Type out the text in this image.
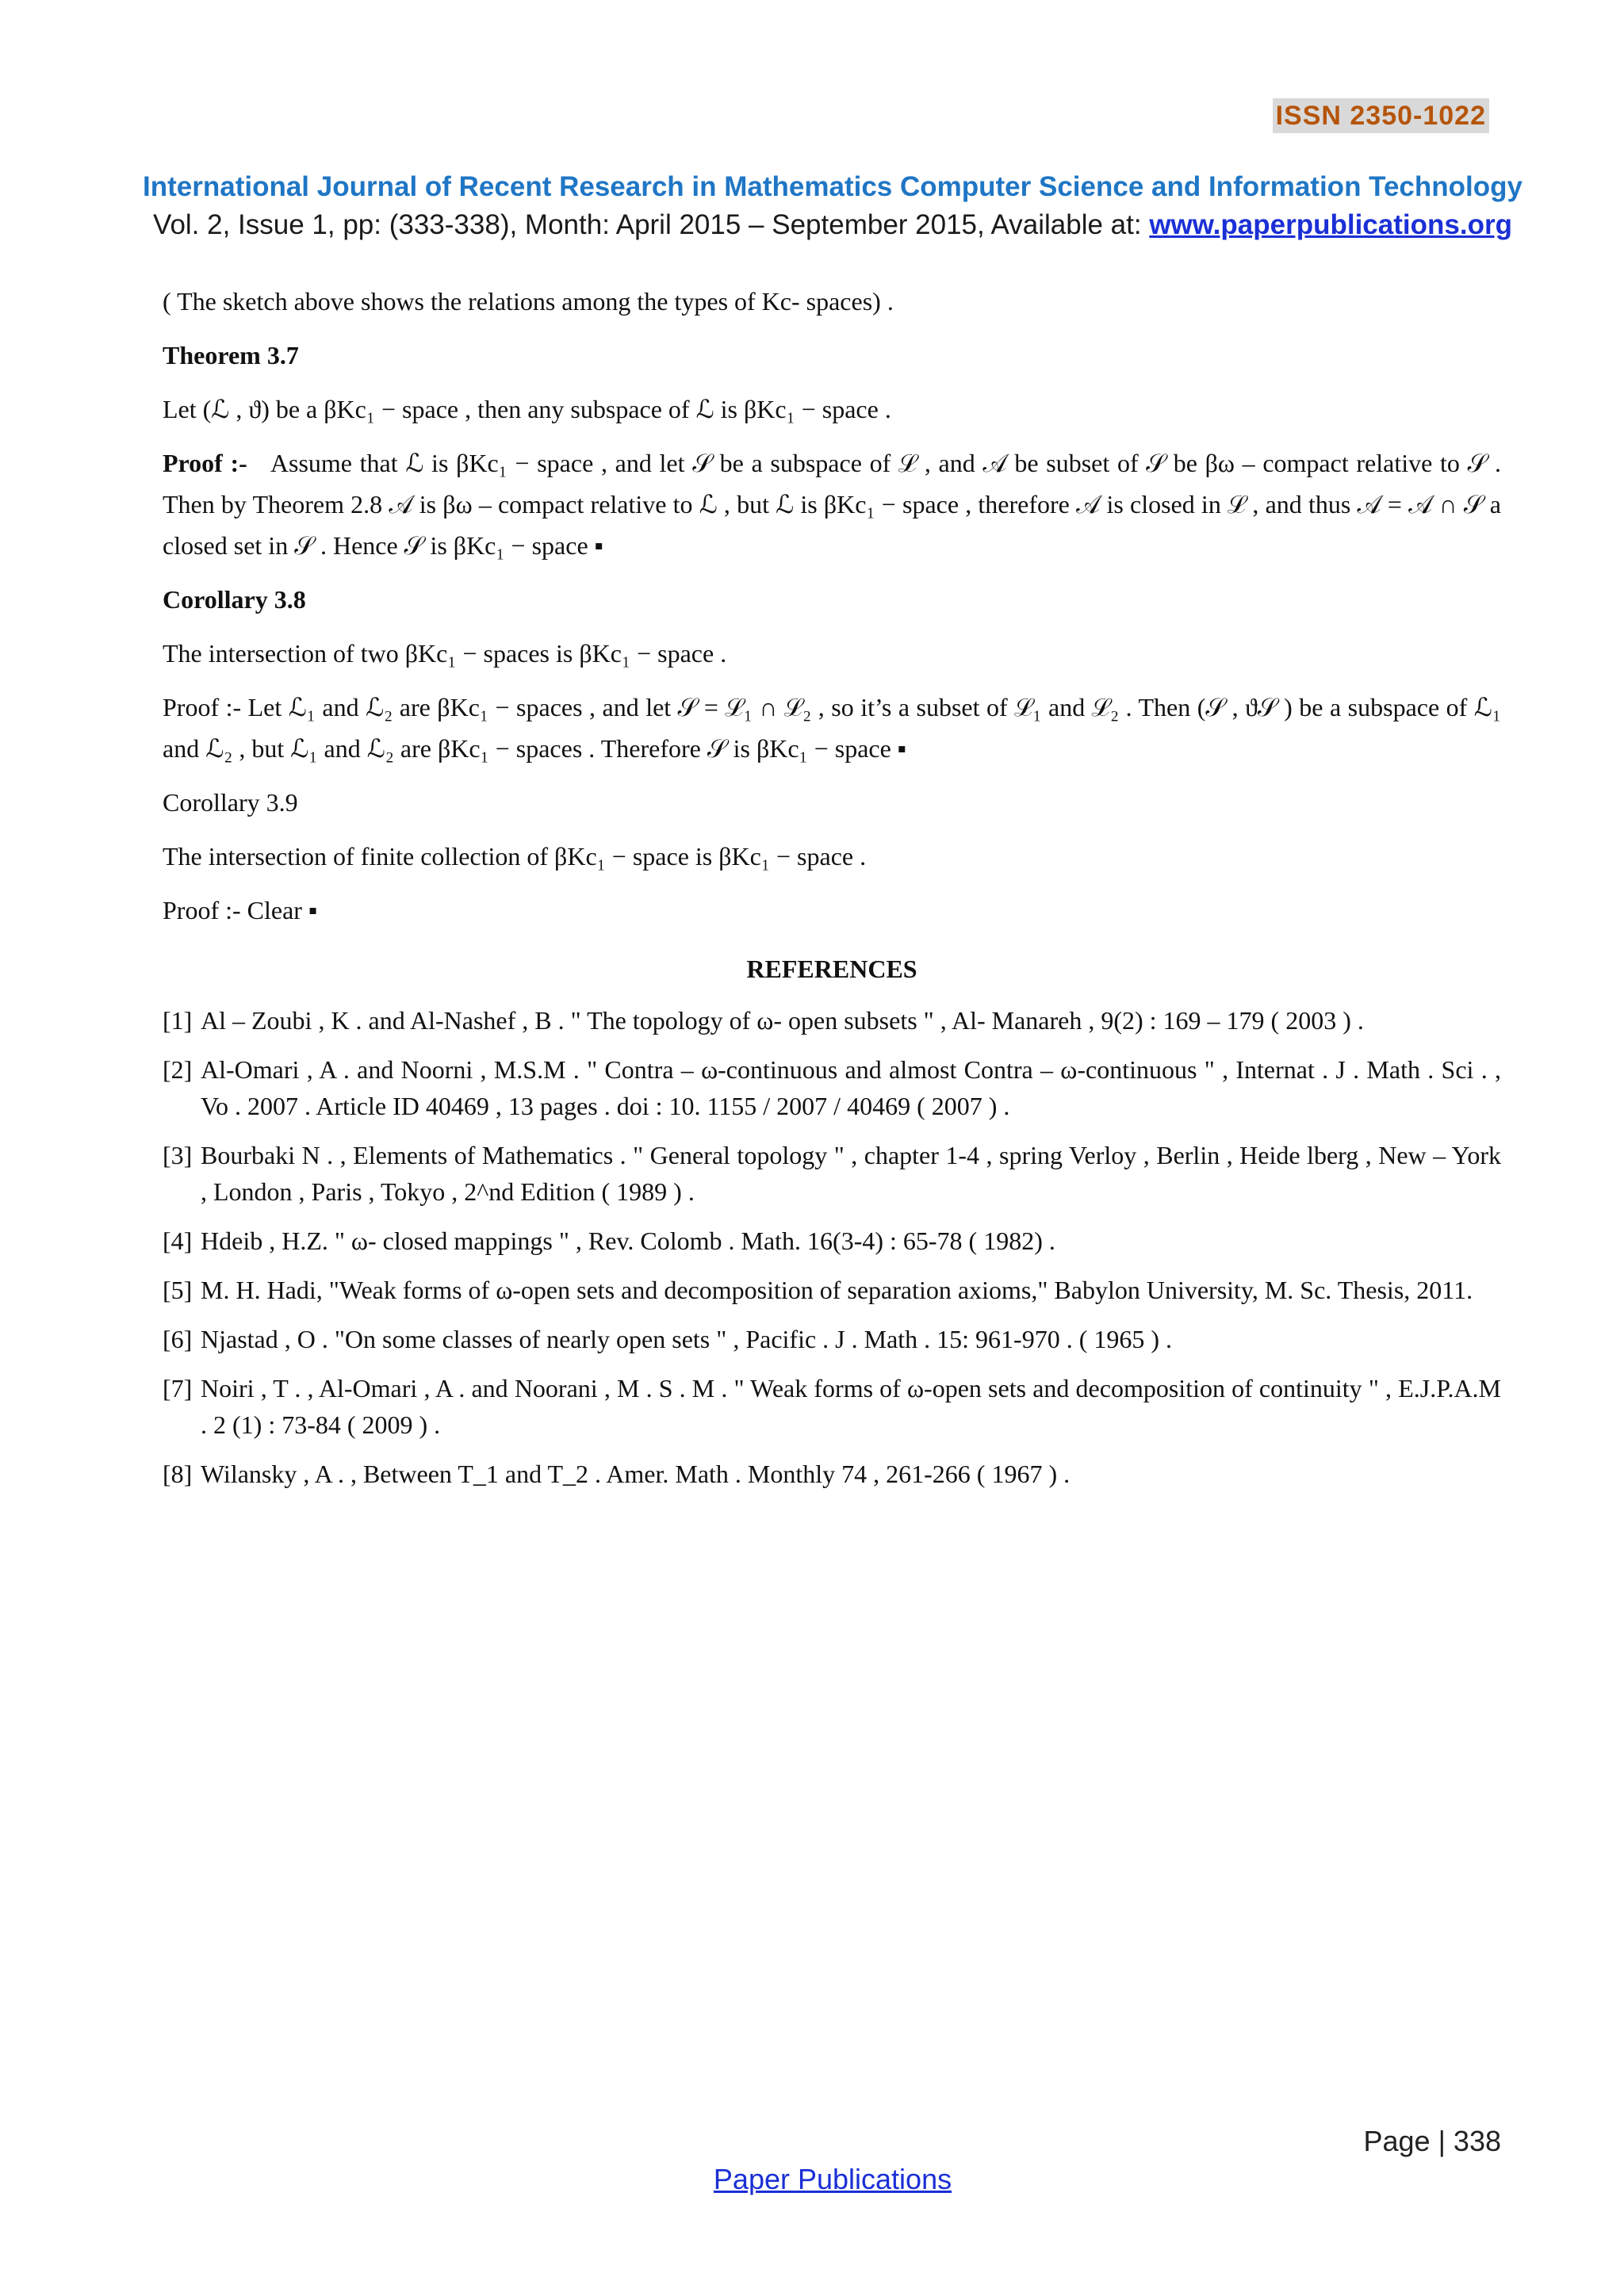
ISSN 2350-1022
International Journal of Recent Research in Mathematics Computer Science and Information Technology
Vol. 2, Issue 1, pp: (333-338), Month: April 2015 – September 2015, Available at: www.paperpublications.org

( The sketch above shows the relations among the types of Kc- spaces) .

Theorem 3.7

Let (ℒ , ϑ) be a βKc₁ − space , then any subspace of ℒ is βKc₁ − space .

Proof :- Assume that ℒ is βKc₁ − space , and let 𝒮 be a subspace of ℒ , and 𝒜 be subset of 𝒮 be βω – compact relative to 𝒮 . Then by Theorem 2.8 𝒜 is βω – compact relative to ℒ , but ℒ is βKc₁ − space , therefore 𝒜 is closed in ℒ , and thus 𝒜 = 𝒜 ∩ 𝒮 a closed set in 𝒮 . Hence 𝒮 is βKc₁ − space ▪

Corollary 3.8

The intersection of two βKc₁ − spaces is βKc₁ − space .

Proof :- Let ℒ₁ and ℒ₂ are βKc₁ − spaces , and let 𝒮 = ℒ₁ ∩ ℒ₂ , so it’s a subset of ℒ₁ and ℒ₂ . Then (𝒮 , ϑ𝒮 ) be a subspace of ℒ₁ and ℒ₂ , but ℒ₁ and ℒ₂ are βKc₁ − spaces . Therefore 𝒮 is βKc₁ − space ▪

Corollary 3.9

The intersection of finite collection of βKc₁ − space is βKc₁ − space .

Proof :- Clear ▪

REFERENCES

[1] Al – Zoubi , K . and Al-Nashef , B . " The topology of ω- open subsets " , Al- Manareh , 9(2) : 169 – 179 ( 2003 ) .
[2] Al-Omari , A . and Noorni , M.S.M . " Contra – ω-continuous and almost Contra – ω-continuous " , Internat . J . Math . Sci . , Vo . 2007 . Article ID 40469 , 13 pages . doi : 10. 1155 / 2007 / 40469 ( 2007 ) .
[3] Bourbaki N . , Elements of Mathematics . " General topology " , chapter 1-4 , spring Verloy , Berlin , Heide lberg , New – York , London , Paris , Tokyo , 2^nd Edition ( 1989 ) .
[4] Hdeib , H.Z. " ω- closed mappings " , Rev. Colomb . Math. 16(3-4) : 65-78 ( 1982) .
[5] M. H. Hadi, "Weak forms of ω-open sets and decomposition of separation axioms," Babylon University, M. Sc. Thesis, 2011.
[6] Njastad , O . "On some classes of nearly open sets " , Pacific . J . Math . 15: 961-970 . ( 1965 ) .
[7] Noiri , T . , Al-Omari , A . and Noorani , M . S . M . " Weak forms of ω-open sets and decomposition of continuity " , E.J.P.A.M . 2 (1) : 73-84 ( 2009 ) .
[8] Wilansky , A . , Between T_1 and T_2 . Amer. Math . Monthly 74 , 261-266 ( 1967 ) .
Page | 338
Paper Publications
